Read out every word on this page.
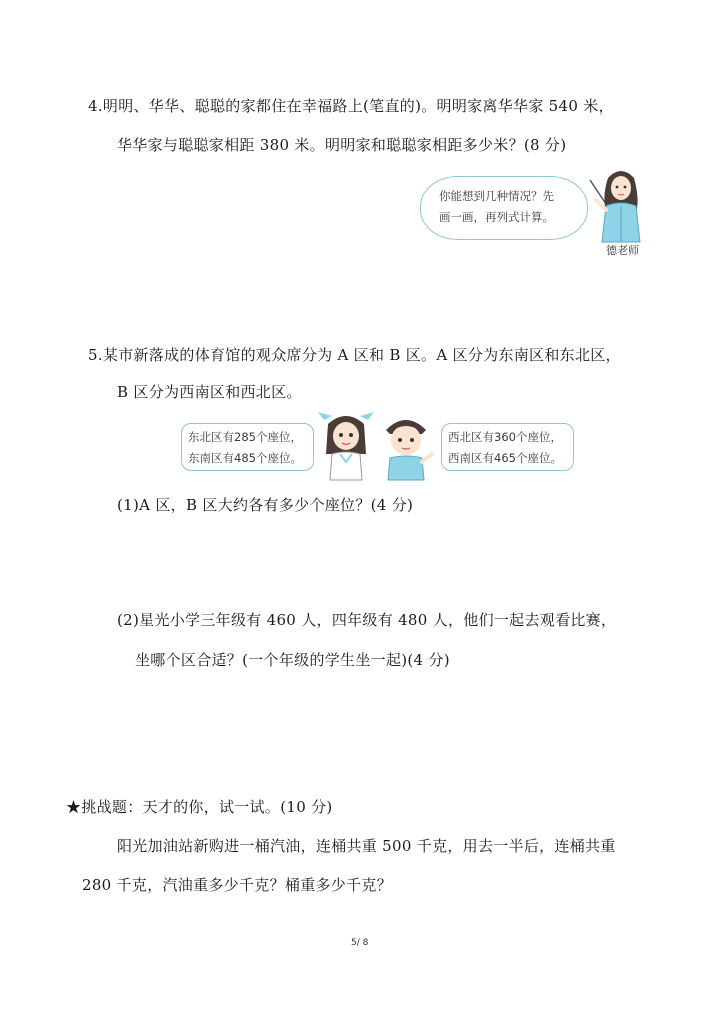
4.明明、华华、聪聪的家都住在幸福路上(笔直的)。明明家离华华家 540 米，
华华家与聪聪家相距 380 米。明明家和聪聪家相距多少米？(8 分)
你能想到几种情况？先
画一画，再列式计算。
德老师
5.某市新落成的体育馆的观众席分为 A 区和 B 区。A 区分为东南区和东北区，
B 区分为西南区和西北区。
东北区有285个座位，
东南区有485个座位。
西北区有360个座位，
西南区有465个座位。
(1)A 区，B 区大约各有多少个座位？(4 分)
(2)星光小学三年级有 460 人，四年级有 480 人，他们一起去观看比赛，
坐哪个区合适？(一个年级的学生坐一起)(4 分)
★挑战题：天才的你，试一试。(10 分)
阳光加油站新购进一桶汽油，连桶共重 500 千克，用去一半后，连桶共重
280 千克，汽油重多少千克？桶重多少千克？
5/ 8
